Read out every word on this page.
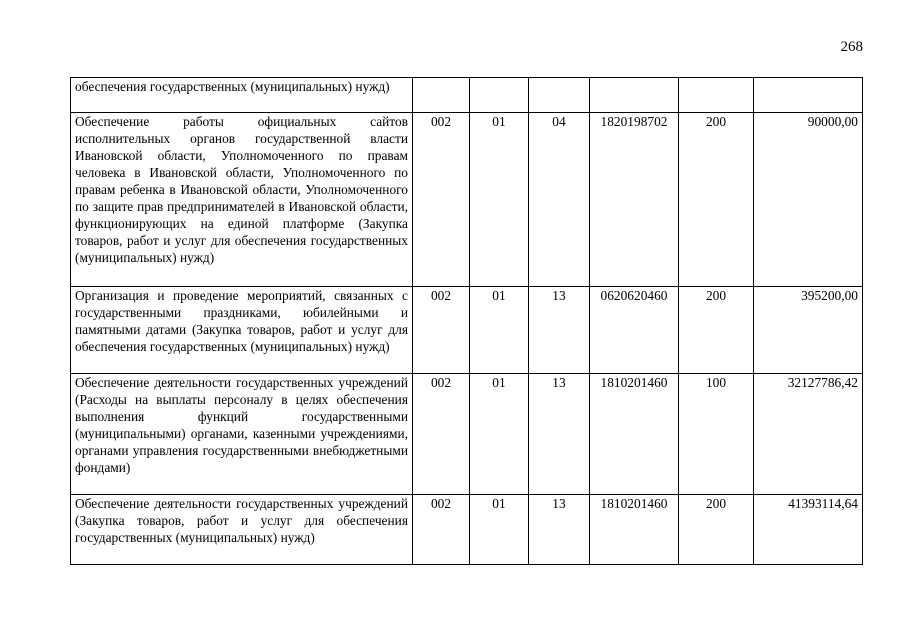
268
обеспечения государственных (муниципальных) нужд)						
Обеспечение работы официальных сайтов исполнительных органов государственной власти Ивановской области, Уполномоченного по правам человека в Ивановской области, Уполномоченного по правам ребенка в Ивановской области, Уполномоченного по защите прав предпринимателей в Ивановской области, функционирующих на единой платформе (Закупка товаров, работ и услуг для обеспечения государственных (муниципальных) нужд)	002	01	04	1820198702	200	90000,00
Организация и проведение мероприятий, связанных с государственными праздниками, юбилейными и памятными датами (Закупка товаров, работ и услуг для обеспечения государственных (муниципальных) нужд)	002	01	13	0620620460	200	395200,00
Обеспечение деятельности государственных учреждений (Расходы на выплаты персоналу в целях обеспечения выполнения функций государственными (муниципальными) органами, казенными учреждениями, органами управления государственными внебюджетными фондами)	002	01	13	1810201460	100	32127786,42
Обеспечение деятельности государственных учреждений (Закупка товаров, работ и услуг для обеспечения государственных (муниципальных) нужд)	002	01	13	1810201460	200	41393114,64
